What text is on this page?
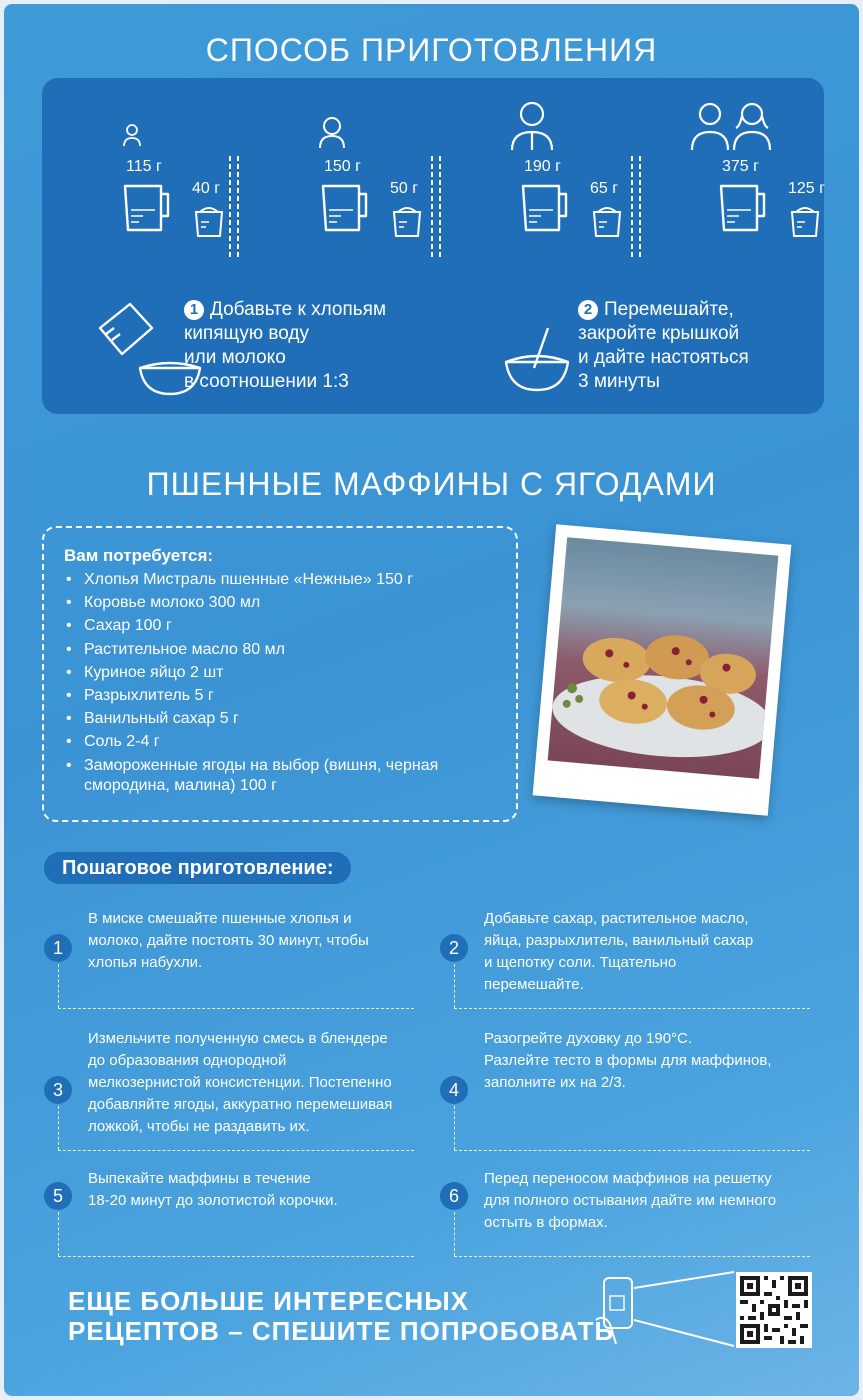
СПОСОБ ПРИГОТОВЛЕНИЯ
115 г
40 г
150 г
50 г
190 г
65 г
375 г
125 г
1 Добавьте к хлопьям
кипящую воду
или молоко
в соотношении 1:3
2 Перемешайте,
закройте крышкой
и дайте настояться
3 минуты
ПШЕННЫЕ МАФФИНЫ С ЯГОДАМИ
Вам потребуется:
• Хлопья Мистраль пшенные «Нежные» 150 г
• Коровье молоко 300 мл
• Сахар 100 г
• Растительное масло 80 мл
• Куриное яйцо 2 шт
• Разрыхлитель 5 г
• Ванильный сахар 5 г
• Соль 2-4 г
• Замороженные ягоды на выбор (вишня, черная смородина, малина) 100 г
Пошаговое приготовление:
1
В миске смешайте пшенные хлопья и
молоко, дайте постоять 30 минут, чтобы
хлопья набухли.
2
Добавьте сахар, растительное масло,
яйца, разрыхлитель, ванильный сахар
и щепотку соли. Тщательно
перемешайте.
3
Измельчите полученную смесь в блендере
до образования однородной
мелкозернистой консистенции. Постепенно
добавляйте ягоды, аккуратно перемешивая
ложкой, чтобы не раздавить их.
4
Разогрейте духовку до 190°C.
Разлейте тесто в формы для маффинов,
заполните их на 2/3.
5
Выпекайте маффины в течение
18-20 минут до золотистой корочки.	6
Перед переносом маффинов на решетку
для полного остывания дайте им немного
остыть в формах.
ЕЩЕ БОЛЬШЕ ИНТЕРЕСНЫХ
РЕЦЕПТОВ – СПЕШИТЕ ПОПРОБОВАТЬ
